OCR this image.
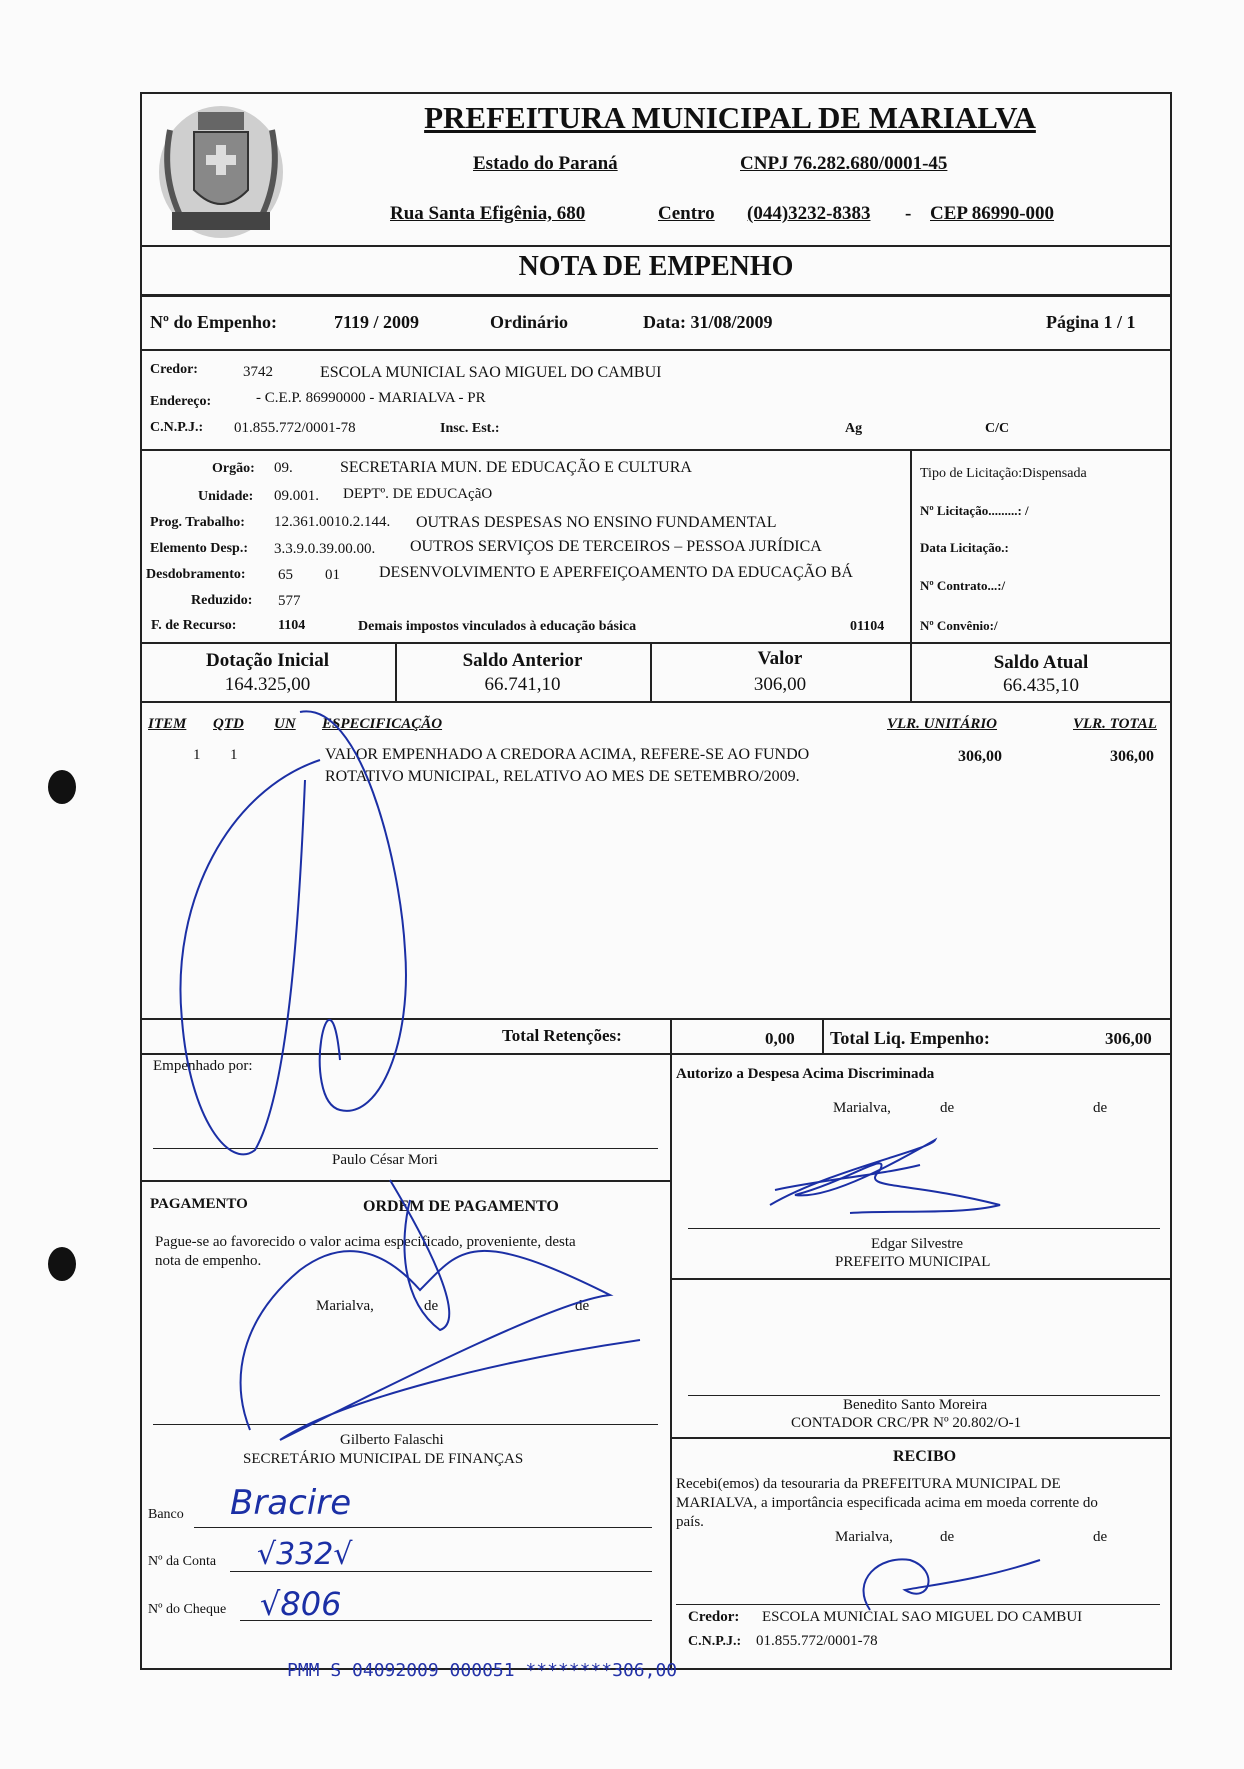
PREFEITURA MUNICIPAL DE MARIALVA
Estado do Paraná	CNPJ 76.282.680/0001-45
Rua Santa Efigênia, 680	Centro (044)3232-8383 - CEP 86990-000
NOTA DE EMPENHO
Nº do Empenho:	7119 / 2009	Ordinário	Data: 31/08/2009	Página 1 / 1
Credor:	3742	ESCOLA MUNICIAL SAO MIGUEL DO CAMBUI
Endereço:	- C.E.P. 86990000 - MARIALVA - PR
C.N.P.J.: 01.855.772/0001-78	Insc. Est.:	Ag	C/C
Orgão: 09.	SECRETARIA MUN. DE EDUCAÇÃO E CULTURA
Unidade: 09.001. DEPTº. DE EDUCAçãO
Prog. Trabalho: 12.361.0010.2.144. OUTRAS DESPESAS NO ENSINO FUNDAMENTAL
Elemento Desp.: 3.3.9.0.39.00.00. OUTROS SERVIÇOS DE TERCEIROS – PESSOA JURÍDICA
Desdobramento: 65 01 DESENVOLVIMENTO E APERFEIÇOAMENTO DA EDUCAÇÃO BÁ
Reduzido: 577
F. de Recurso:	1104	Demais impostos vinculados à educação básica	01104
Tipo de Licitação:Dispensada
Nº Licitação.........: /
Data Licitação.:
Nº Contrato...:/
Nº Convênio:/
Dotação Inicial
164.325,00
Saldo Anterior
66.741,10
Valor
306,00
Saldo Atual
66.435,10
ITEM QTD UN ESPECIFICAÇÃO	VLR. UNITÁRIO	VLR. TOTAL
1 1	VALOR EMPENHADO A CREDORA ACIMA, REFERE-SE AO FUNDO
ROTATIVO MUNICIPAL, RELATIVO AO MES DE SETEMBRO/2009.
306,00	306,00
Total Retenções:	0,00 Total Liq. Empenho:	306,00
Empenhado por:
Paulo César Mori
Autorizo a Despesa Acima Discriminada
Marialva,	de	de
Edgar Silvestre
PREFEITO MUNICIPAL
PAGAMENTO	ORDEM DE PAGAMENTO
Pague-se ao favorecido o valor acima especificado, proveniente, desta
nota de empenho.
Marialva,	de	de
Gilberto Falaschi
SECRETÁRIO MUNICIPAL DE FINANÇAS
Banco Bracire
Nº da Conta √332√
Nº do Cheque √806
Benedito Santo Moreira
CONTADOR CRC/PR Nº 20.802/O-1
RECIBO
Recebi(emos) da tesouraria da PREFEITURA MUNICIPAL DE
MARIALVA, a importância especificada acima em moeda corrente do
país.
Marialva,	de	de
Credor: ESCOLA MUNICIAL SAO MIGUEL DO CAMBUI
C.N.P.J.: 01.855.772/0001-78
PMM S 04092009 000051 ********306,00
